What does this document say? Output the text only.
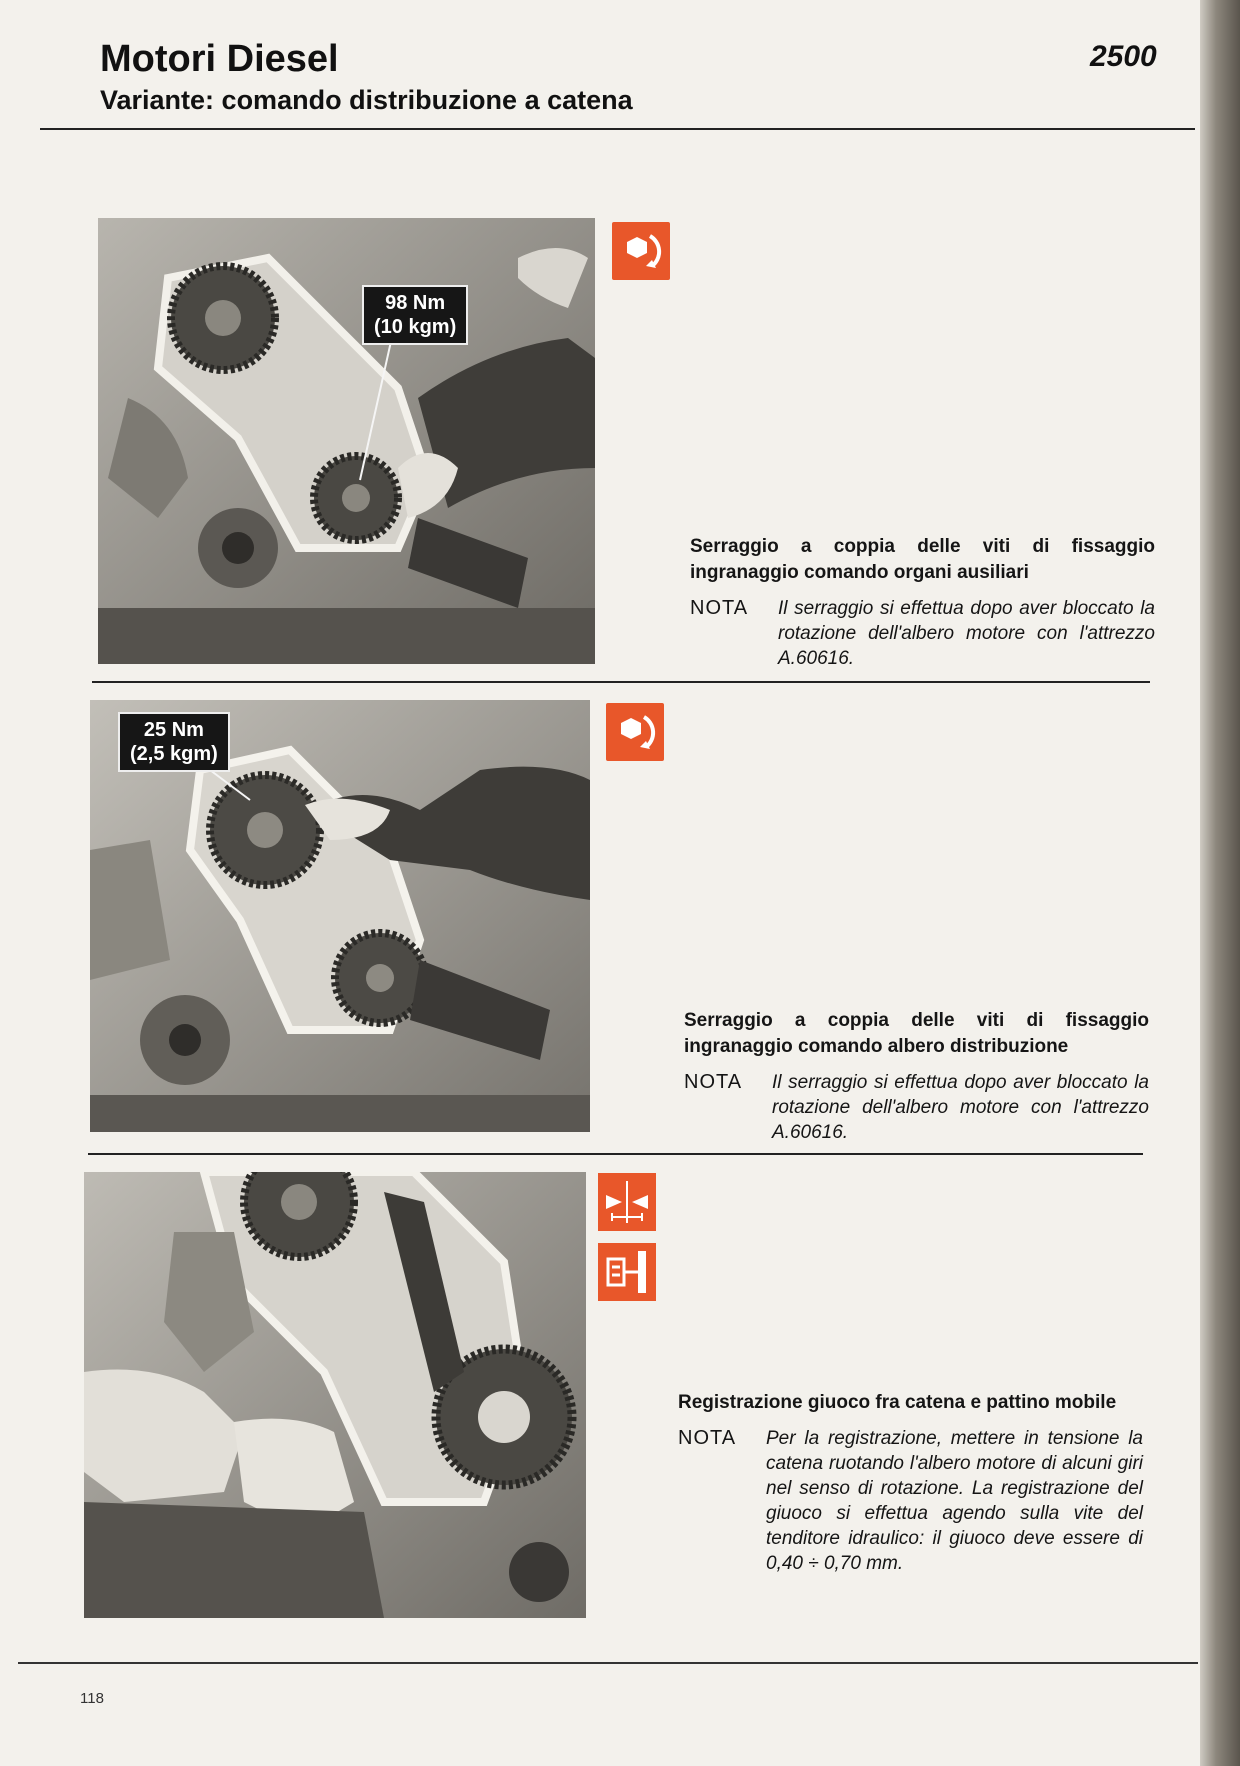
Motori Diesel
Variante: comando distribuzione a catena
2500
98 Nm
(10 kgm)
Serraggio a coppia delle viti di fissaggio ingranaggio comando organi ausiliari
NOTA	Il serraggio si effettua dopo aver bloccato la rotazione dell'albero motore con l'attrezzo A.60616.
25 Nm
(2,5 kgm)
Serraggio a coppia delle viti di fissaggio ingranaggio comando albero distribuzione
NOTA	Il serraggio si effettua dopo aver bloccato la rotazione dell'albero motore con l'attrezzo A.60616.
Registrazione giuoco fra catena e pattino mobile
NOTA	Per la registrazione, mettere in tensione la catena ruotando l'albero motore di alcuni giri nel senso di rotazione. La registrazione del giuoco si effettua agendo sulla vite del tenditore idraulico: il giuoco deve essere di 0,40 ÷ 0,70 mm.
118
